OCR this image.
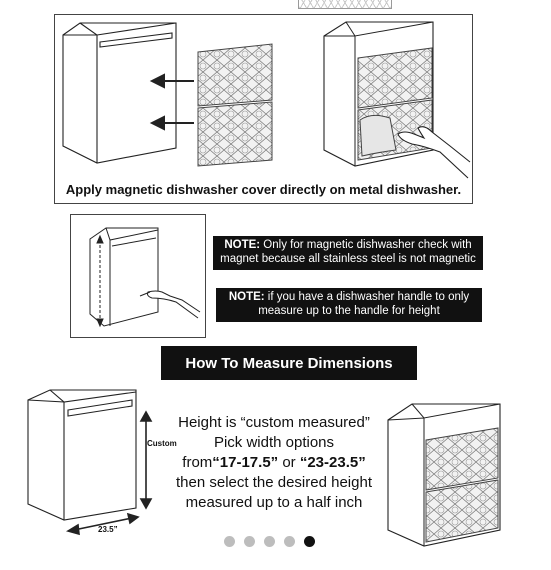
Apply magnetic dishwasher cover directly on metal dishwasher.
NOTE: Only for magnetic dishwasher check with magnet because all stainless steel is not magnetic
NOTE: if you have a dishwasher handle to only measure up to the handle for height
How To Measure Dimensions
Height is “custom measured”
Pick width options
from“17-17.5” or “23-23.5”
then select the desired height
measured up to a half inch
Custom
23.5”
